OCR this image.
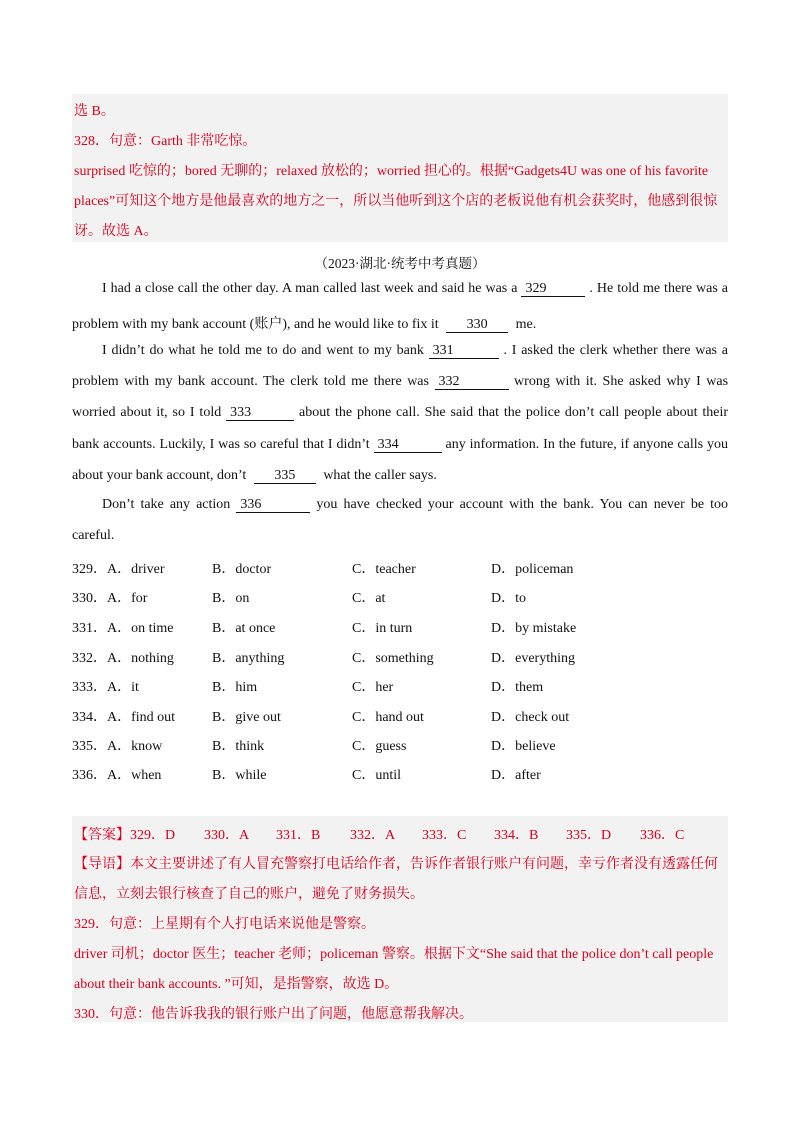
选 B。
328．句意：Garth 非常吃惊。
surprised 吃惊的；bored 无聊的；relaxed 放松的；worried 担心的。根据“Gadgets4U was one of his favorite
places”可知这个地方是他最喜欢的地方之一，所以当他听到这个店的老板说他有机会获奖时，他感到很惊
讶。故选 A。
（2023·湖北·统考中考真题）
I had a close call the other day. A man called last week and said he was a 329	. He told me there was a
problem with my bank account (账户), and he would like to fix it 330 me.
I didn’t do what he told me to do and went to my bank 331	. I asked the clerk whether there was a
problem with my bank account. The clerk told me there was 332	wrong with it. She asked why I was
worried about it, so I told 333	about the phone call. She said that the police don’t call people about their
bank accounts. Luckily, I was so careful that I didn’t 334	any information. In the future, if anyone calls you
about your bank account, don’t 335 what the caller says.
Don’t take any action 336	you have checked your account with the bank. You can never be too
careful.
329．A．driver	B．doctor	C．teacher	D．policeman
330．A．for	B．on	C．at	D．to
331．A．on time	B．at once	C．in turn	D．by mistake
332．A．nothing	B．anything	C．something	D．everything
333．A．it	B．him	C．her	D．them
334．A．find out	B．give out	C．hand out	D．check out
335．A．know	B．think	C．guess	D．believe
336．A．when	B．while	C．until	D．after
【答案】329．D 330．A 331．B 332．A 333．C 334．B 335．D 336．C
【导语】本文主要讲述了有人冒充警察打电话给作者，告诉作者银行账户有问题，幸亏作者没有透露任何
信息，立刻去银行核查了自己的账户，避免了财务损失。
329．句意：上星期有个人打电话来说他是警察。
driver 司机；doctor 医生；teacher 老师；policeman 警察。根据下文“She said that the police don’t call people
about their bank accounts. ”可知，是指警察，故选 D。
330．句意：他告诉我我的银行账户出了问题，他愿意帮我解决。
